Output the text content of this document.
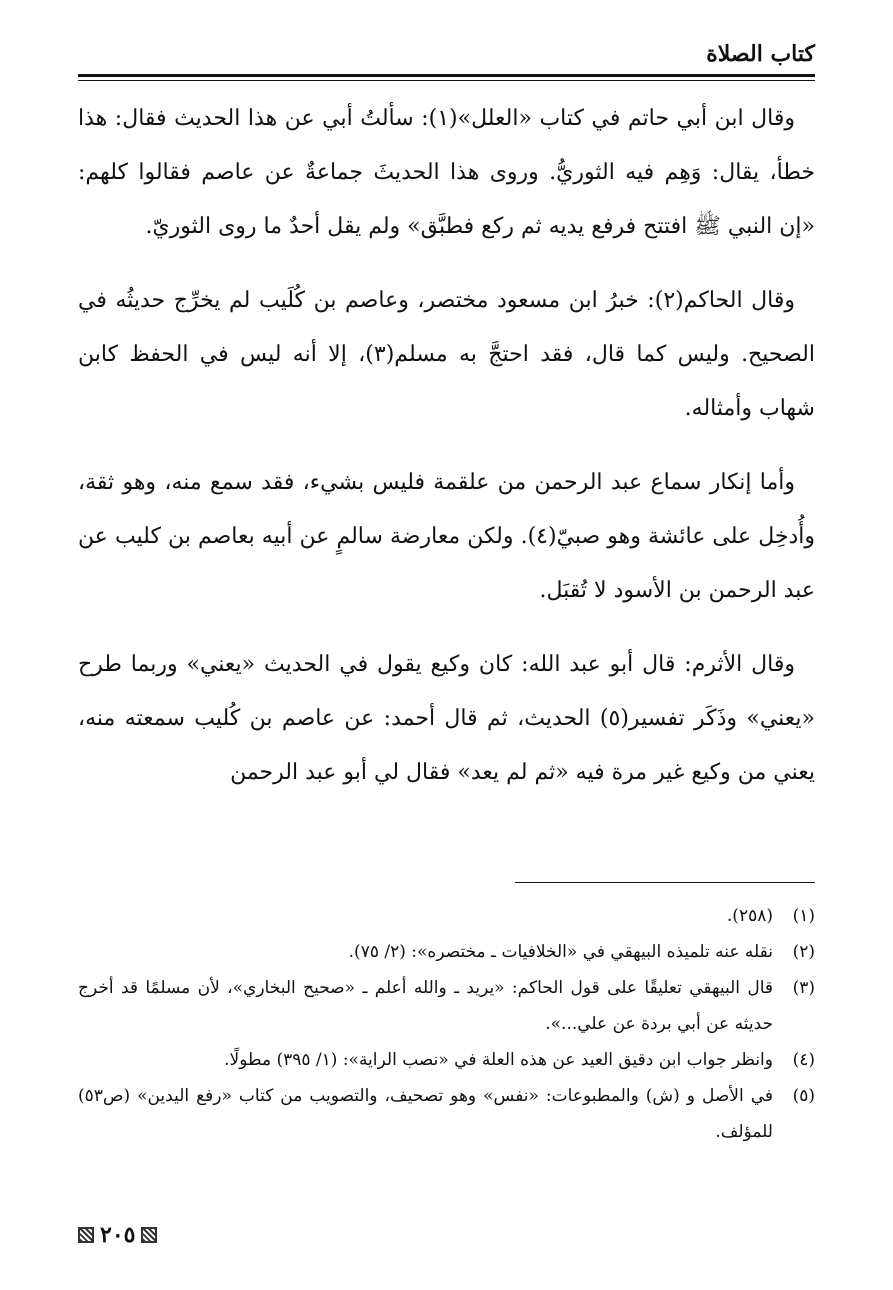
كتاب الصلاة

وقال ابن أبي حاتم في كتاب «العلل»(١): سألتُ أبي عن هذا الحديث فقال: هذا خطأ، يقال: وَهِم فيه الثوريُّ. وروى هذا الحديثَ جماعةٌ عن عاصم فقالوا كلهم: «إن النبي ﷺ افتتح فرفع يديه ثم ركع فطبَّق» ولم يقل أحدٌ ما روى الثوريّ.

وقال الحاكم(٢): خبرُ ابن مسعود مختصر، وعاصم بن كُلَيب لم يخرِّج حديثُه في الصحيح. وليس كما قال، فقد احتجَّ به مسلم(٣)، إلا أنه ليس في الحفظ كابن شهاب وأمثاله.

وأما إنكار سماع عبد الرحمن من علقمة فليس بشيء، فقد سمع منه، وهو ثقة، وأُدخِل على عائشة وهو صبيّ(٤). ولكن معارضة سالمٍ عن أبيه بعاصم بن كليب عن عبد الرحمن بن الأسود لا تُقبَل.

وقال الأثرم: قال أبو عبد الله: كان وكيع يقول في الحديث «يعني» وربما طرح «يعني» وذَكَر تفسير(٥) الحديث، ثم قال أحمد: عن عاصم بن كُليب سمعته منه، يعني من وكيع غير مرة فيه «ثم لم يعد» فقال لي أبو عبد الرحمن

(١)
(٢٥٨).
(٢)
نقله عنه تلميذه البيهقي في «الخلافيات ـ مختصره»: (٢/ ٧٥).
(٣)
قال البيهقي تعليقًا على قول الحاكم: «يريد ـ والله أعلم ـ «صحيح البخاري»، لأن مسلمًا قد أخرج حديثه عن أبي بردة عن علي...».
(٤)
وانظر جواب ابن دقيق العيد عن هذه العلة في «نصب الراية»: (١/ ٣٩٥) مطولًا.
(٥)
في الأصل و (ش) والمطبوعات: «نفس» وهو تصحيف، والتصويب من كتاب «رفع اليدين» (ص٥٣) للمؤلف.
٢٠٥
